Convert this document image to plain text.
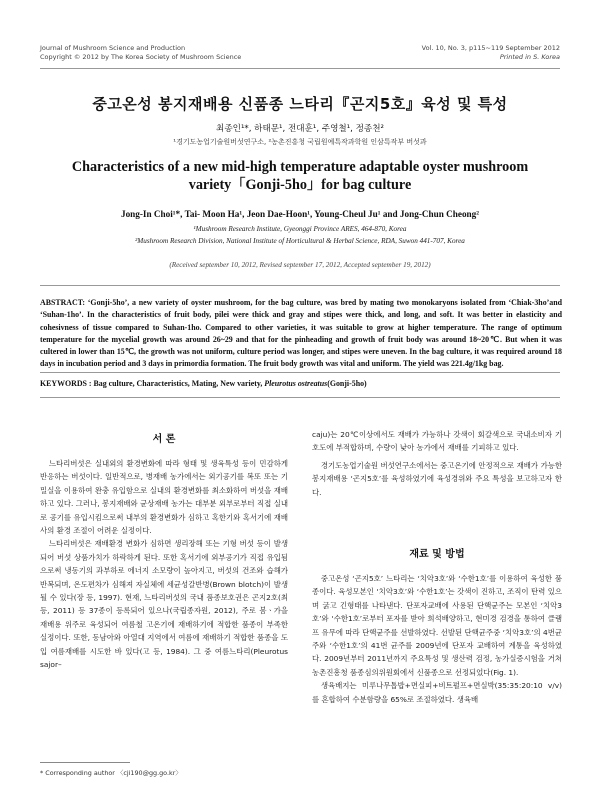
Journal of Mushroom Science and Production
Copyright © 2012 by The Korea Society of Mushroom Science
Vol. 10, No. 3, p115~119 September 2012
Printed in S. Korea
중고온성 봉지재배용 신품종 느타리『곤지5호』육성 및 특성
최종인¹*, 하태문¹, 전대훈¹, 주영철¹, 정종천²
¹경기도농업기술원버섯연구소, ²농촌진흥청 국립원예특작과학원 인삼특작부 버섯과
Characteristics of a new mid-high temperature adaptable oyster mushroom
variety「Gonji-5ho」for bag culture
Jong-In Choi¹*, Tai- Moon Ha¹, Jeon Dae-Hoon¹, Young-Cheul Ju¹ and Jong-Chun Cheong²
¹Mushroom Research Institute, Gyeonggi Province ARES, 464-870, Korea
²Mushroom Research Division, National Institute of Horticultural & Herbal Science, RDA, Suwon 441-707, Korea
(Received september 10, 2012, Revised september 17, 2012, Accepted september 19, 2012)
ABSTRACT: ‘Gonji-5ho’, a new variety of oyster mushroom, for the bag culture, was bred by mating two monokaryons isolated from ‘Chiak-3ho’and ‘Suhan-1ho’. In the characteristics of fruit body, pilei were thick and gray and stipes were thick, and long, and soft. It was better in elasticity and cohesivness of tissue compared to Suhan-1ho. Compared to other varieties, it was suitable to grow at higher temperature. The range of optimum temperature for the mycelial growth was around 26~29 and that for the pinheading and growth of fruit body was around 18~20℃. But when it was cultered in lower than 15℃, the growth was not uniform, culture period was longer, and stipes were uneven. In the bag culture, it was required around 18 days in incubation period and 3 days in primordia formation. The fruit body growth was vital and uniform. The yield was 221.4g/1kg bag.
KEYWORDS : Bag culture, Characteristics, Mating, New variety, Pleurotus ostreatus(Gonji-5ho)
서 론

느타리버섯은 실내외의 환경변화에 따라 형태 및 생육특성 등이 민감하게 반응하는 버섯이다. 일반적으로, 병재배 농가에서는 외기공기를 복또 또는 기밀실을 이용하여 완충 유입함으로 실내의 환경변화를 최소화하여 버섯을 재배하고 있다. 그러나, 봉지재배와 균상재배 농가는 대부분 외부로부터 직접 실내로 공기를 유입시킴으로써 내부의 환경변화가 심하고 혹한기와 혹서기에 재배사의 환경 조절이 어려운 실정이다.

느타리버섯은 재배환경 변화가 심하면 생리장해 또는 기형 버섯 등이 발생되어 버섯 상품가치가 하락하게 된다. 또한 혹서기에 외부공기가 직접 유입됨으로써 냉동기의 과부하로 에너지 소모량이 높아지고, 버섯의 건조와 습해가 반복되며, 온도편차가 심해져 자실체에 세균성갈반병(Brown blotch)이 발생될 수 있다(장 등, 1997). 현재, 느타리버섯의 국내 품종보호권은 곤지2호(최 등, 2011) 등 37종이 등록되어 있으나(국립종자원, 2012), 주로 봄ㆍ가을 재배용 위주로 육성되어 여름철 고온기에 재배하기에 적합한 품종이 부족한 실정이다. 또한, 동남아와 아열대 지역에서 여름에 재배하기 적합한 품종을 도입 여름재배를 시도한 바 있다(고 등, 1984). 그 중 여름느타리(Pleurotus sajor–

caju)는 20℃이상에서도 재배가 가능하나 갓색이 회갈색으로 국내소비자 기호도에 부적합하며, 수량이 낮아 농가에서 재배를 기피하고 있다.

경기도농업기술원 버섯연구소에서는 중고온기에 안정적으로 재배가 가능한 봉지재배용 ‘곤지5호’를 육성하였기에 육성경위와 주요 특성을 보고하고자 한다.

재료 및 방법

중고온성 ‘곤지5호’ 느타리는 ‘치악3호’와 ‘수한1호’를 이용하여 육성한 품종이다. 육성모본인 ‘치악3호’와 ‘수한1호’는 갓색이 진하고, 조직이 탄력 있으며 굵고 긴형태를 나타낸다. 단포자교배에 사용된 단핵균주는 모본인 ‘치악3호’와 ‘수한1호’로부터 포자를 받아 희석배양하고, 현미경 검경을 통하여 클램프 유무에 따라 단핵균주를 선발하였다. 선발된 단핵균주중 ‘치악3호’의 4번균주와 ‘수한1호’의 41번 균주를 2009년에 단포자 교배하여 계통을 육성하였다. 2009년부터 2011년까지 주요특성 및 생산력 검정, 농가실증시험을 거쳐 농촌진흥청 품종심의위원회에서 신품종으로 선정되었다(Fig. 1).

생육배지는 미루나무톱밥+면실피+비트펄프+면실박(35:35:20:10 v/v)를 혼합하여 수분함량을 65%로 조절하였다. 생육배

* Corresponding author 〈cji190@gg.go.kr〉
